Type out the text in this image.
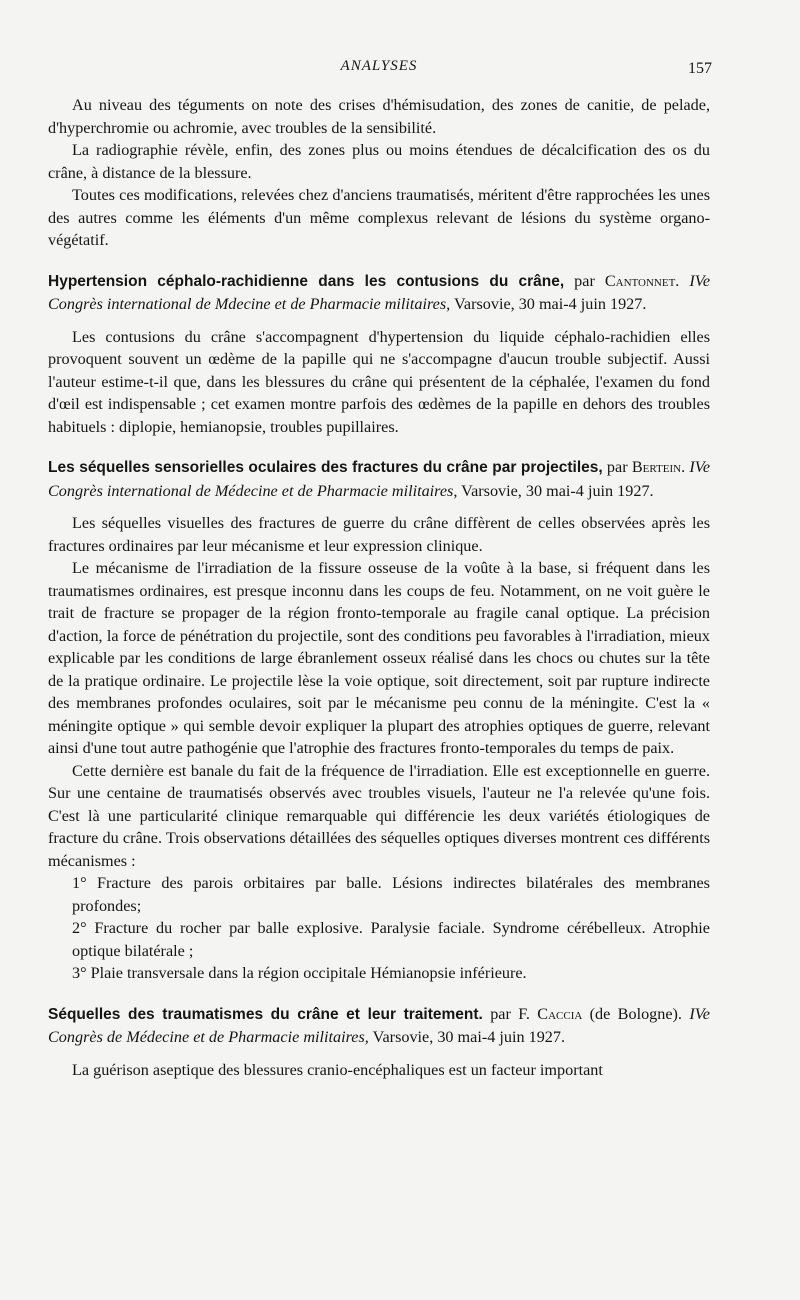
ANALYSES	157

Au niveau des téguments on note des crises d'hémisudation, des zones de canitie, de pelade, d'hyperchromie ou achromie, avec troubles de la sensibilité.

La radiographie révèle, enfin, des zones plus ou moins étendues de décalcification des os du crâne, à distance de la blessure.

Toutes ces modifications, relevées chez d'anciens traumatisés, méritent d'être rapprochées les unes des autres comme les éléments d'un même complexus relevant de lésions du système organo-végétatif.

Hypertension céphalo-rachidienne dans les contusions du crâne, par Cantonnet. IVe Congrès international de Mdecine et de Pharmacie militaires, Varsovie, 30 mai-4 juin 1927.

Les contusions du crâne s'accompagnent d'hypertension du liquide céphalo-rachidien elles provoquent souvent un œdème de la papille qui ne s'accompagne d'aucun trouble subjectif. Aussi l'auteur estime-t-il que, dans les blessures du crâne qui présentent de la céphalée, l'examen du fond d'œil est indispensable ; cet examen montre parfois des œdèmes de la papille en dehors des troubles habituels : diplopie, hemianopsie, troubles pupillaires.

Les séquelles sensorielles oculaires des fractures du crâne par projectiles, par Bertein. IVe Congrès international de Médecine et de Pharmacie militaires, Varsovie, 30 mai-4 juin 1927.

Les séquelles visuelles des fractures de guerre du crâne diffèrent de celles observées après les fractures ordinaires par leur mécanisme et leur expression clinique.

Le mécanisme de l'irradiation de la fissure osseuse de la voûte à la base, si fréquent dans les traumatismes ordinaires, est presque inconnu dans les coups de feu. Notamment, on ne voit guère le trait de fracture se propager de la région fronto-temporale au fragile canal optique. La précision d'action, la force de pénétration du projectile, sont des conditions peu favorables à l'irradiation, mieux explicable par les conditions de large ébranlement osseux réalisé dans les chocs ou chutes sur la tête de la pratique ordinaire. Le projectile lèse la voie optique, soit directement, soit par rupture indirecte des membranes profondes oculaires, soit par le mécanisme peu connu de la méningite. C'est la « méningite optique » qui semble devoir expliquer la plupart des atrophies optiques de guerre, relevant ainsi d'une tout autre pathogénie que l'atrophie des fractures fronto-temporales du temps de paix.

Cette dernière est banale du fait de la fréquence de l'irradiation. Elle est exceptionnelle en guerre. Sur une centaine de traumatisés observés avec troubles visuels, l'auteur ne l'a relevée qu'une fois. C'est là une particularité clinique remarquable qui différencie les deux variétés étiologiques de fracture du crâne. Trois observations détaillées des séquelles optiques diverses montrent ces différents mécanismes :

1° Fracture des parois orbitaires par balle. Lésions indirectes bilatérales des membranes profondes;

2° Fracture du rocher par balle explosive. Paralysie faciale. Syndrome cérébelleux. Atrophie optique bilatérale ;

3° Plaie transversale dans la région occipitale Hémianopsie inférieure.

Séquelles des traumatismes du crâne et leur traitement. par F. Caccia (de Bologne). IVe Congrès de Médecine et de Pharmacie militaires, Varsovie, 30 mai-4 juin 1927.

La guérison aseptique des blessures cranio-encéphaliques est un facteur important
